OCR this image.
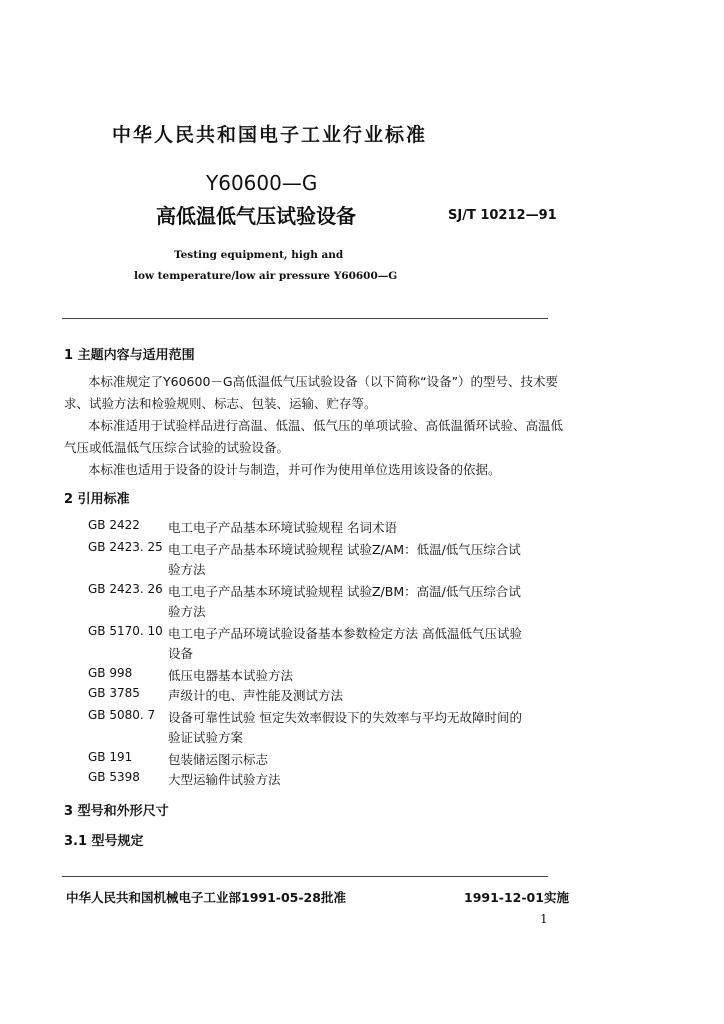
中华人民共和国电子工业行业标准
Y60600—G
高低温低气压试验设备	SJ/T 10212—91
Testing equipment, high and
low temperature/low air pressure Y60600—G
1 主题内容与适用范围
本标准规定了Y60600－G高低温低气压试验设备（以下简称“设备”）的型号、技术要
求、试验方法和检验规则、标志、包装、运输、贮存等。
本标准适用于试验样品进行高温、低温、低气压的单项试验、高低温循环试验、高温低
气压或低温低气压综合试验的试验设备。
本标准也适用于设备的设计与制造，并可作为使用单位选用该设备的依据。
2 引用标准
GB 2422 电工电子产品基本环境试验规程 名词术语
GB 2423. 25 电工电子产品基本环境试验规程 试验Z/AM：低温/低气压综合试
验方法
GB 2423. 26 电工电子产品基本环境试验规程 试验Z/BM：高温/低气压综合试
验方法
GB 5170. 10 电工电子产品环境试验设备基本参数检定方法 高低温低气压试验
设备
GB 998	低压电器基本试验方法
GB 3785 声级计的电、声性能及测试方法
GB 5080. 7 设备可靠性试验 恒定失效率假设下的失效率与平均无故障时间的
验证试验方案
GB 191	包装储运图示标志
GB 5398 大型运输件试验方法
3 型号和外形尺寸
3.1 型号规定
中华人民共和国机械电子工业部1991-05-28批准	1991-12-01实施
1
